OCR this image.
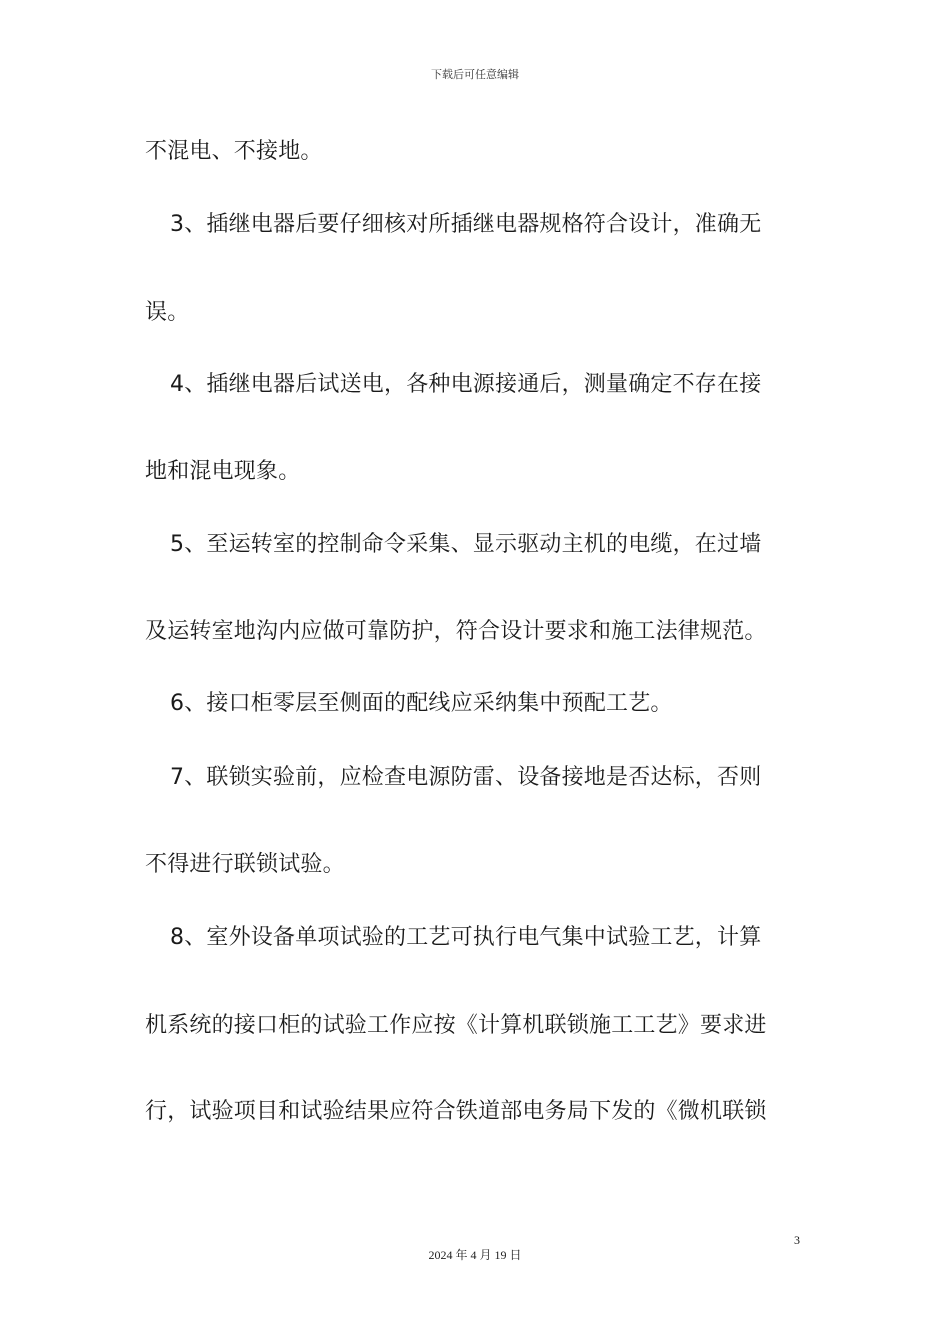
下载后可任意编辑
不混电、不接地。
3、插继电器后要仔细核对所插继电器规格符合设计，准确无
误。
4、插继电器后试送电，各种电源接通后，测量确定不存在接
地和混电现象。
5、至运转室的控制命令采集、显示驱动主机的电缆，在过墙
及运转室地沟内应做可靠防护，符合设计要求和施工法律规范。
6、接口柜零层至侧面的配线应采纳集中预配工艺。
7、联锁实验前，应检查电源防雷、设备接地是否达标，否则
不得进行联锁试验。
8、室外设备单项试验的工艺可执行电气集中试验工艺，计算
机系统的接口柜的试验工作应按《计算机联锁施工工艺》要求进
行，试验项目和试验结果应符合铁道部电务局下发的《微机联锁
3
2024 年 4 月 19 日
